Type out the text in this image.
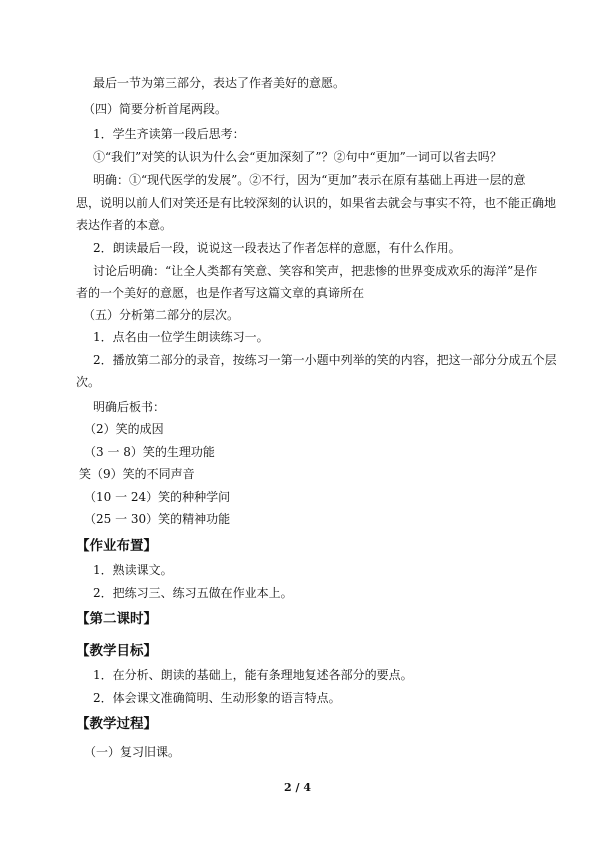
最后一节为第三部分，表达了作者美好的意愿。
（四）简要分析首尾两段。
1．学生齐读第一段后思考：
①“我们”对笑的认识为什么会“更加深刻了”？②句中“更加”一词可以省去吗？
明确：①“现代医学的发展”。②不行，因为“更加”表示在原有基础上再进一层的意
思，说明以前人们对笑还是有比较深刻的认识的，如果省去就会与事实不符，也不能正确地
表达作者的本意。
2．朗读最后一段，说说这一段表达了作者怎样的意愿，有什么作用。
讨论后明确：“让全人类都有笑意、笑容和笑声，把悲惨的世界变成欢乐的海洋”是作
者的一个美好的意愿，也是作者写这篇文章的真谛所在
（五）分析第二部分的层次。
1．点名由一位学生朗读练习一。
2．播放第二部分的录音，按练习一第一小题中列举的笑的内容，把这一部分分成五个层
次。
明确后板书：
（2）笑的成因
（3 一 8）笑的生理功能
笑（9）笑的不同声音
（10 一 24）笑的种种学问
（25 一 30）笑的精神功能
【作业布置】
1．熟读课文。
2．把练习三、练习五做在作业本上。
【第二课时】
【教学目标】
1．在分析、朗读的基础上，能有条理地复述各部分的要点。
2．体会课文准确简明、生动形象的语言特点。
【教学过程】
（一）复习旧课。
2 / 4
